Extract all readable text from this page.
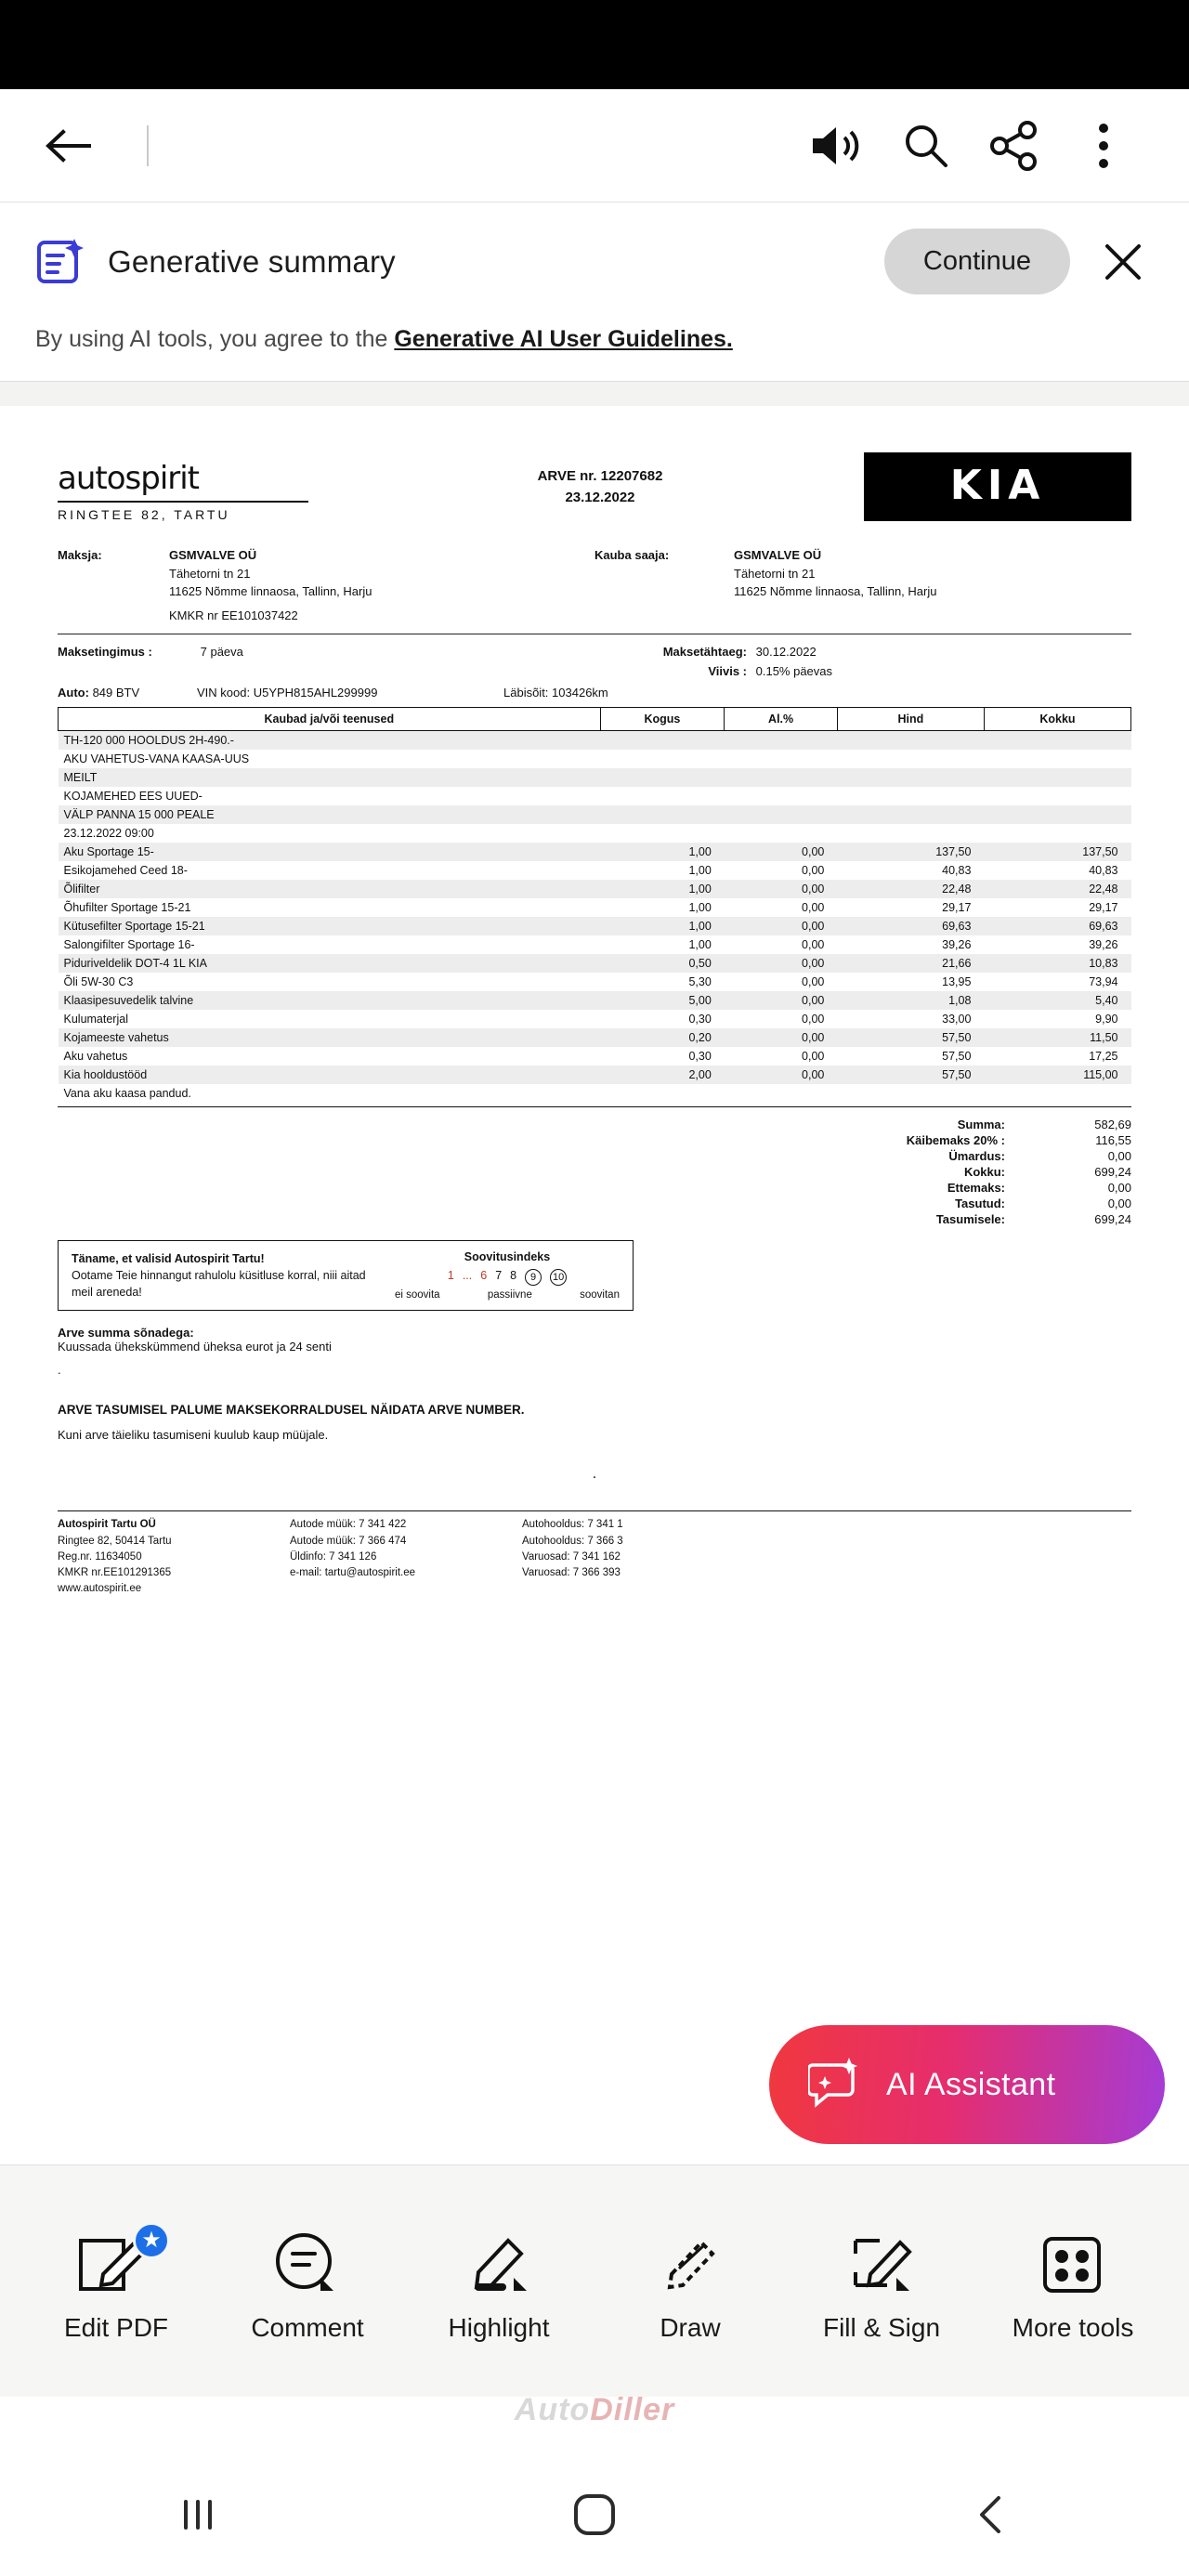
Generative summary	Continue
By using AI tools, you agree to the Generative AI User Guidelines.
autospirit
RINGTEE 82, TARTU
ARVE nr. 12207682
23.12.2022	KIA
Maksja:	GSMVALVE OÜ
Tähetorni tn 21
11625 Nõmme linnaosa, Tallinn, Harju
KMKR nr EE101037422
Kauba saaja:	GSMVALVE OÜ
Tähetorni tn 21
11625 Nõmme linnaosa, Tallinn, Harju
Maksetingimus :	7 päeva	Maksetähtaeg: 30.12.2022
Viivis : 0.15% päevas
Auto: 849 BTV	VIN kood: U5YPH815AHL299999	Läbisõit: 103426km
Kaubad ja/või teenused	Kogus	Al.%	Hind	Kokku
TH-120 000 HOOLDUS 2H-490.-				
AKU VAHETUS-VANA KAASA-UUS				
MEILT				
KOJAMEHED EES UUED-				
VÄLP PANNA 15 000 PEALE				
23.12.2022 09:00				
Aku Sportage 15-	1,00	0,00	137,50	137,50
Esikojamehed Ceed 18-	1,00	0,00	40,83	40,83
Õlifilter	1,00	0,00	22,48	22,48
Õhufilter Sportage 15-21	1,00	0,00	29,17	29,17
Kütusefilter Sportage 15-21	1,00	0,00	69,63	69,63
Salongifilter Sportage 16-	1,00	0,00	39,26	39,26
Piduriveldelik DOT-4 1L KIA	0,50	0,00	21,66	10,83
Õli 5W-30 C3	5,30	0,00	13,95	73,94
Klaasipesuvedelik talvine	5,00	0,00	1,08	5,40
Kulumaterjal	0,30	0,00	33,00	9,90
Kojameeste vahetus	0,20	0,00	57,50	11,50
Aku vahetus	0,30	0,00	57,50	17,25
Kia hooldustööd	2,00	0,00	57,50	115,00
Vana aku kaasa pandud.				
Summa:	582,69
Käibemaks 20% :	116,55
Ümardus:	0,00
Kokku:	699,24
Ettemaks:	0,00
Tasutud:	0,00
Tasumisele:	699,24
Täname, et valisid Autospirit Tartu!
Ootame Teie hinnangut rahulolu küsitluse korral, niii aitad meil areneda!
Soovitusindeks
1 ... 6 7 8	9	10
ei soovita	passiivne	soovitan
Arve summa sõnadega:
Kuussada ühekskümmend üheksa eurot ja 24 senti
.
ARVE TASUMISEL PALUME MAKSEKORRALDUSEL NÄIDATA ARVE NUMBER.
Kuni arve täieliku tasumiseni kuulub kaup müüjale.
.
Autospirit Tartu OÜ
Ringtee 82, 50414 Tartu
Reg.nr. 11634050
KMKR nr.EE101291365
www.autospirit.ee
Autode müük: 7 341 422
Autode müük: 7 366 474
Üldinfo: 7 341 126
e-mail: tartu@autospirit.ee
Autohooldus: 7 341 1
Autohooldus: 7 366 3
Varuosad: 7 341 162
Varuosad: 7 366 393
AI Assistant
★
Edit PDF	Comment	Highlight	Draw	Fill & Sign	More tools
AutoDiller
